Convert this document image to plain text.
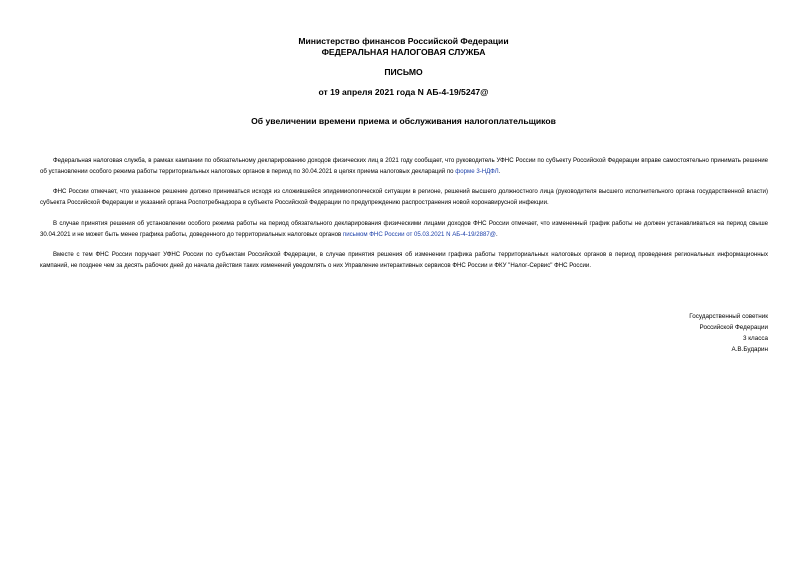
Министерство финансов Российской Федерации
ФЕДЕРАЛЬНАЯ НАЛОГОВАЯ СЛУЖБА
ПИСЬМО
от 19 апреля 2021 года N АБ-4-19/5247@
Об увеличении времени приема и обслуживания налогоплательщиков
Федеральная налоговая служба, в рамках кампании по обязательному декларированию доходов физических лиц в 2021 году сообщает, что руководитель УФНС России по субъекту Российской Федерации вправе самостоятельно принимать решение об установлении особого режима работы территориальных налоговых органов в период по 30.04.2021 в целях приема налоговых деклараций по форме 3-НДФЛ.
ФНС России отмечает, что указанное решение должно приниматься исходя из сложившейся эпидемиологической ситуации в регионе, решений высшего должностного лица (руководителя высшего исполнительного органа государственной власти) субъекта Российской Федерации и указаний органа Роспотребнадзора в субъекте Российской Федерации по предупреждению распространения новой коронавирусной инфекции.
В случае принятия решения об установлении особого режима работы на период обязательного декларирования физическими лицами доходов ФНС России отмечает, что измененный график работы не должен устанавливаться на период свыше 30.04.2021 и не может быть менее графика работы, доведенного до территориальных налоговых органов письмом ФНС России от 05.03.2021 N АБ-4-19/2887@.
Вместе с тем ФНС России поручает УФНС России по субъектам Российской Федерации, в случае принятия решения об изменении графика работы территориальных налоговых органов в период проведения региональных информационных кампаний, не позднее чем за десять рабочих дней до начала действия таких изменений уведомлять о них Управление интерактивных сервисов ФНС России и ФКУ "Налог-Сервис" ФНС России.
Государственный советник
Российской Федерации
3 класса
А.В.Бударин
